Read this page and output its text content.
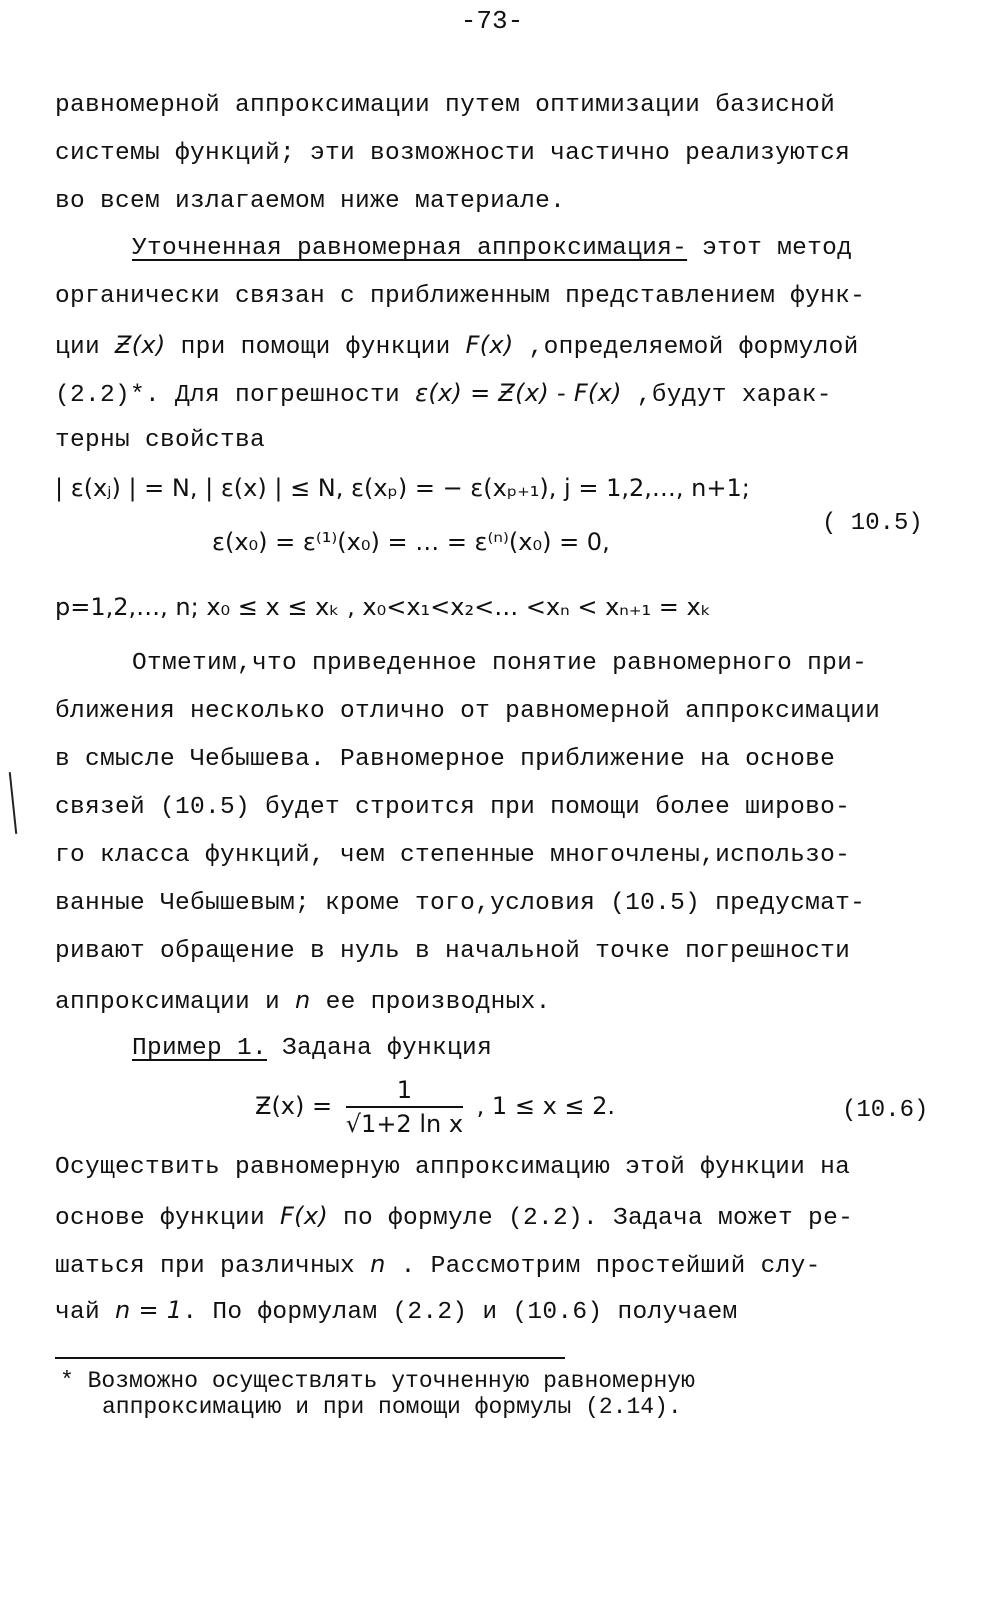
-73-
равномерной аппроксимации путем оптимизации базисной
системы функций; эти возможности частично реализуются
во всем излагаемом ниже материале.
Уточненная равномерная аппроксимация- этот метод
органически связан с приближенным представлением функ-
ции Ƶ(x) при помощи функции F(x) ,определяемой формулой
(2.2)*. Для погрешности ε(x) = Ƶ(x) - F(x) ,будут харак-
терны свойства
| ε(xⱼ) | = N, | ε(x) | ≤ N, ε(xₚ) = − ε(xₚ₊₁), j = 1,2,…, n+1;
ε(x₀) = ε⁽¹⁾(x₀) = … = ε⁽ⁿ⁾(x₀) = 0,
( 10.5)
p=1,2,…, n; x₀ ≤ x ≤ xₖ , x₀<x₁<x₂<… <xₙ < xₙ₊₁ = xₖ
Отметим,что приведенное понятие равномерного при-
ближения несколько отлично от равномерной аппроксимации
в смысле Чебышева. Равномерное приближение на основе
связей (10.5) будет строится при помощи более широво-
го класса функций, чем степенные многочлены,использо-
ванные Чебышевым; кроме того,условия (10.5) предусмат-
ривают обращение в нуль в начальной точке погрешности
аппроксимации и n ее производных.
Пример 1. Задана функция
Ƶ(x) = $\frac{1}{\text{√1+2 ln x}}$ , 1 ≤ x ≤ 2.	(10.6)
Осуществить равномерную аппроксимацию этой функции на
основе функции F(x) по формуле (2.2). Задача может ре-
шаться при различных n . Рассмотрим простейший слу-
чай n = 1. По формулам (2.2) и (10.6) получаем
* Возможно осуществлять уточненную равномерную
аппроксимацию и при помощи формулы (2.14).
